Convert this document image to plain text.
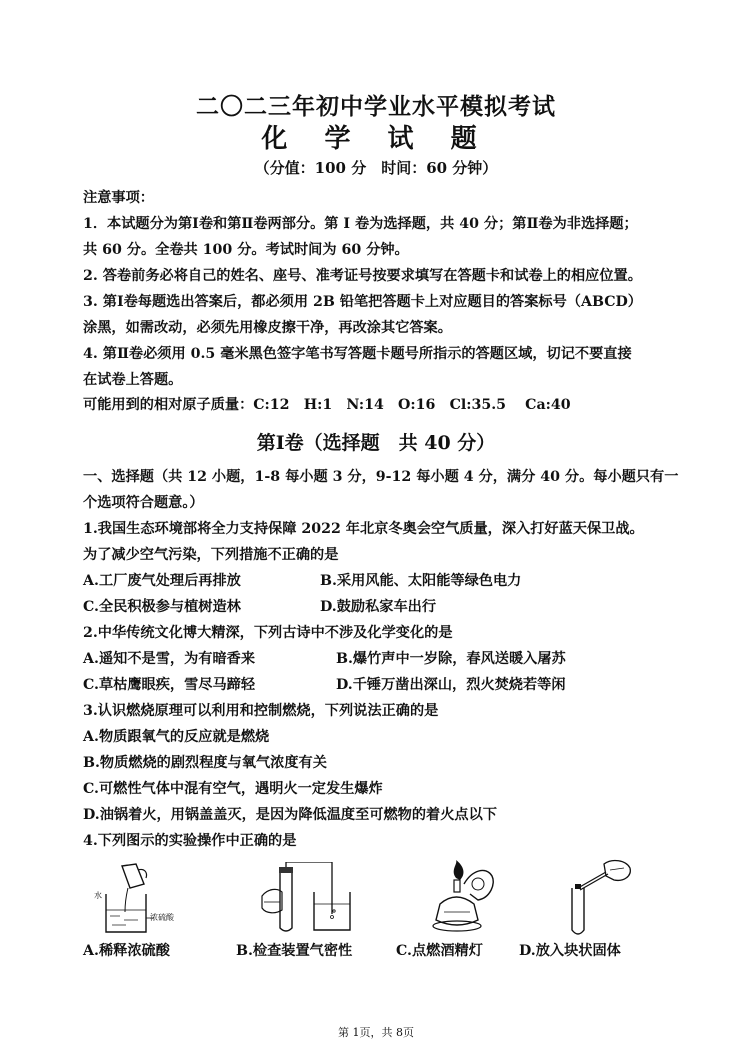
二〇二三年初中学业水平模拟考试
化 学 试 题
（分值：100 分　时间：60 分钟）
注意事项：
1．本试题分为第Ⅰ卷和第Ⅱ卷两部分。第 I 卷为选择题，共 40 分；第Ⅱ卷为非选择题；
共 60 分。全卷共 100 分。考试时间为 60 分钟。
2. 答卷前务必将自己的姓名、座号、准考证号按要求填写在答题卡和试卷上的相应位置。
3. 第Ⅰ卷每题选出答案后，都必须用 2B 铅笔把答题卡上对应题目的答案标号（ABCD）
涂黑，如需改动，必须先用橡皮擦干净，再改涂其它答案。
4. 第Ⅱ卷必须用 0.5 毫米黑色签字笔书写答题卡题号所指示的答题区域，切记不要直接
在试卷上答题。
可能用到的相对原子质量：C:12　H:1　N:14　O:16　Cl:35.5　 Ca:40
第Ⅰ卷（选择题　共 40 分）
一、选择题（共 12 小题，1-8 每小题 3 分，9-12 每小题 4 分，满分 40 分。每小题只有一
个选项符合题意。）
1.我国生态环境部将全力支持保障 2022 年北京冬奥会空气质量，深入打好蓝天保卫战。
为了减少空气污染，下列措施不正确的是
A.工厂废气处理后再排放	B.采用风能、太阳能等绿色电力
C.全民积极参与植树造林	D.鼓励私家车出行
2.中华传统文化博大精深，下列古诗中不涉及化学变化的是
A.遥知不是雪，为有暗香来	B.爆竹声中一岁除，春风送暖入屠苏
C.草枯鹰眼疾，雪尽马蹄轻	D.千锤万凿出深山，烈火焚烧若等闲
3.认识燃烧原理可以利用和控制燃烧，下列说法正确的是
A.物质跟氧气的反应就是燃烧
B.物质燃烧的剧烈程度与氧气浓度有关
C.可燃性气体中混有空气，遇明火一定发生爆炸
D.油锅着火，用锅盖盖灭，是因为降低温度至可燃物的着火点以下
4.下列图示的实验操作中正确的是
水
浓硫酸
A.稀释浓硫酸	B.检查装置气密性	C.点燃酒精灯	D.放入块状固体
第 1页，共 8页
